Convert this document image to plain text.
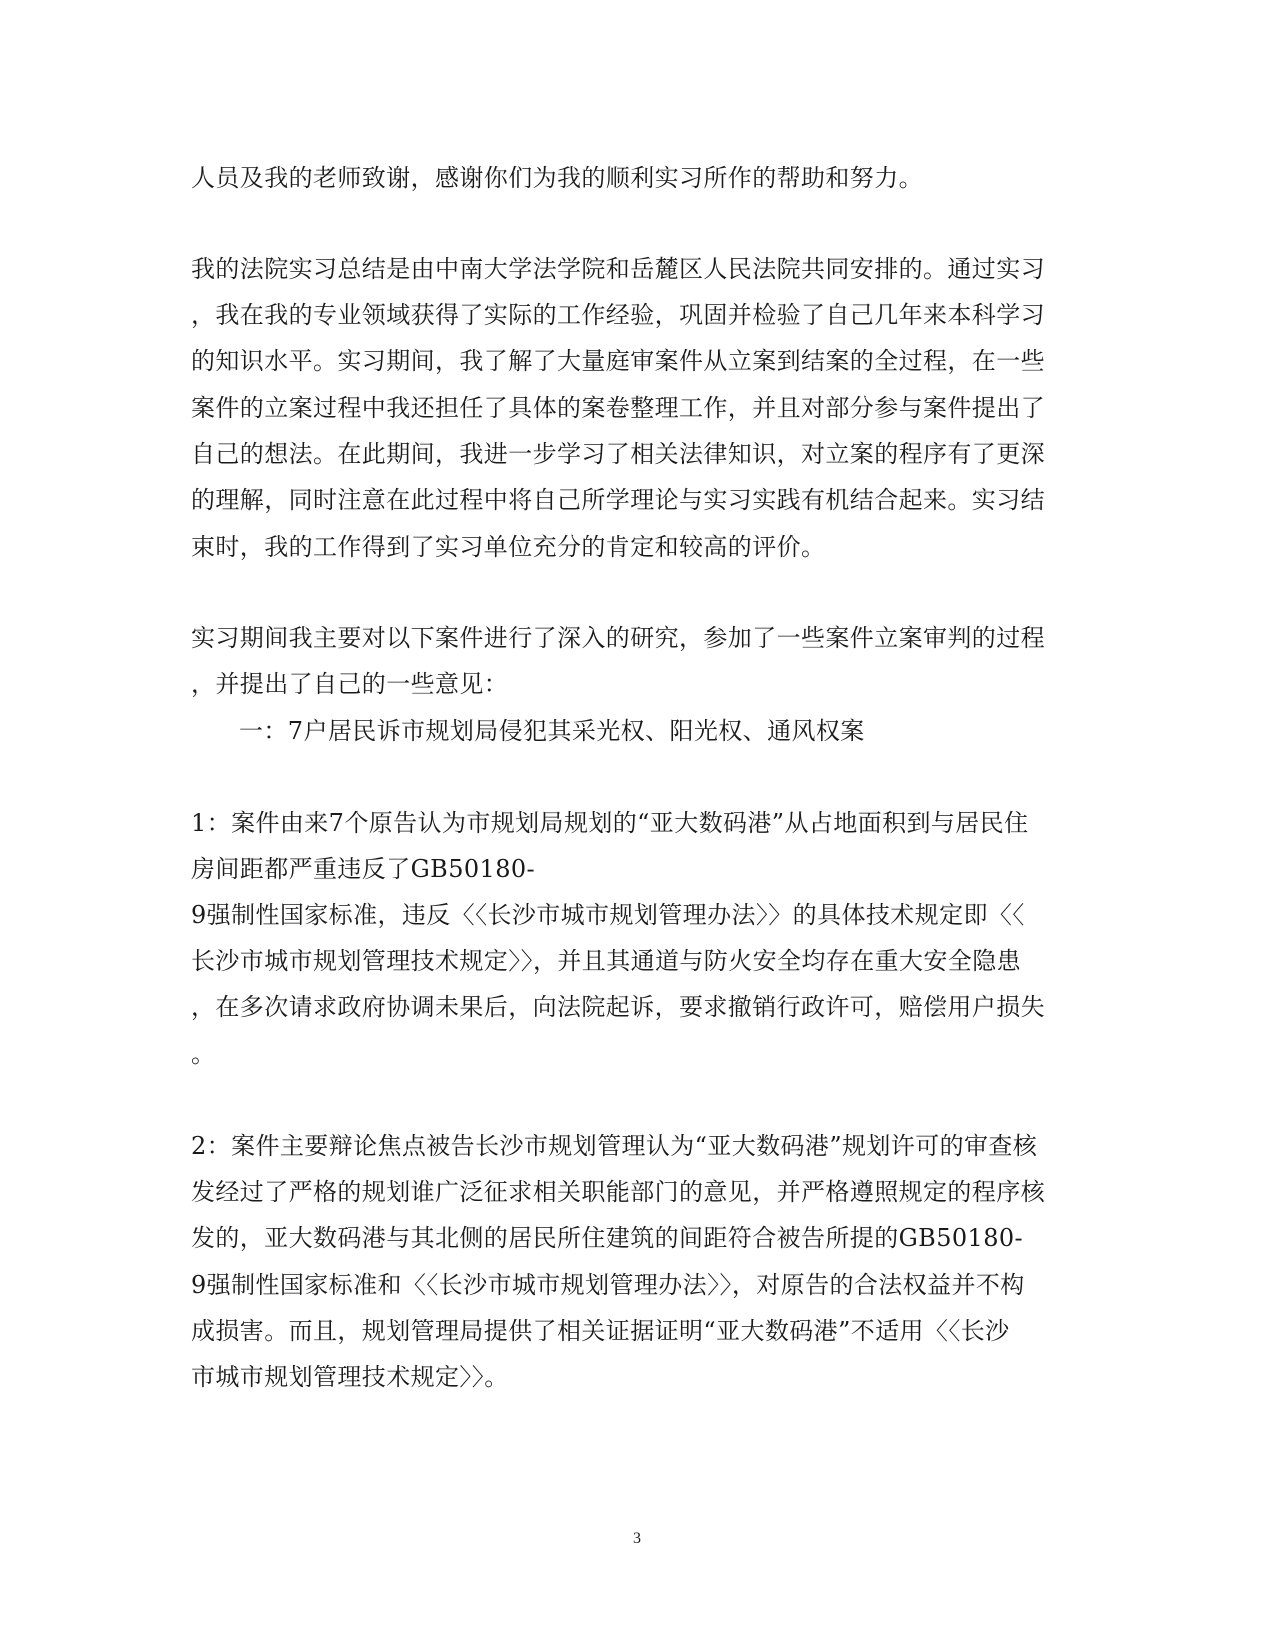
人员及我的老师致谢，感谢你们为我的顺利实习所作的帮助和努力。
我的法院实习总结是由中南大学法学院和岳麓区人民法院共同安排的。通过实习
，我在我的专业领域获得了实际的工作经验，巩固并检验了自己几年来本科学习
的知识水平。实习期间，我了解了大量庭审案件从立案到结案的全过程，在一些
案件的立案过程中我还担任了具体的案卷整理工作，并且对部分参与案件提出了
自己的想法。在此期间，我进一步学习了相关法律知识，对立案的程序有了更深
的理解，同时注意在此过程中将自己所学理论与实习实践有机结合起来。实习结
束时，我的工作得到了实习单位充分的肯定和较高的评价。
实习期间我主要对以下案件进行了深入的研究，参加了一些案件立案审判的过程
，并提出了自己的一些意见：
一：7户居民诉市规划局侵犯其采光权、阳光权、通风权案
1：案件由来7个原告认为市规划局规划的“亚大数码港”从占地面积到与居民住
房间距都严重违反了GB50180-
9强制性国家标准，违反〈〈长沙市城市规划管理办法〉〉的具体技术规定即〈〈
长沙市城市规划管理技术规定〉〉，并且其通道与防火安全均存在重大安全隐患
，在多次请求政府协调未果后，向法院起诉，要求撤销行政许可，赔偿用户损失
。
2：案件主要辩论焦点被告长沙市规划管理认为“亚大数码港”规划许可的审查核
发经过了严格的规划谁广泛征求相关职能部门的意见，并严格遵照规定的程序核
发的，亚大数码港与其北侧的居民所住建筑的间距符合被告所提的GB50180-
9强制性国家标准和〈〈长沙市城市规划管理办法〉〉，对原告的合法权益并不构
成损害。而且，规划管理局提供了相关证据证明“亚大数码港”不适用〈〈长沙
市城市规划管理技术规定〉〉。
3
